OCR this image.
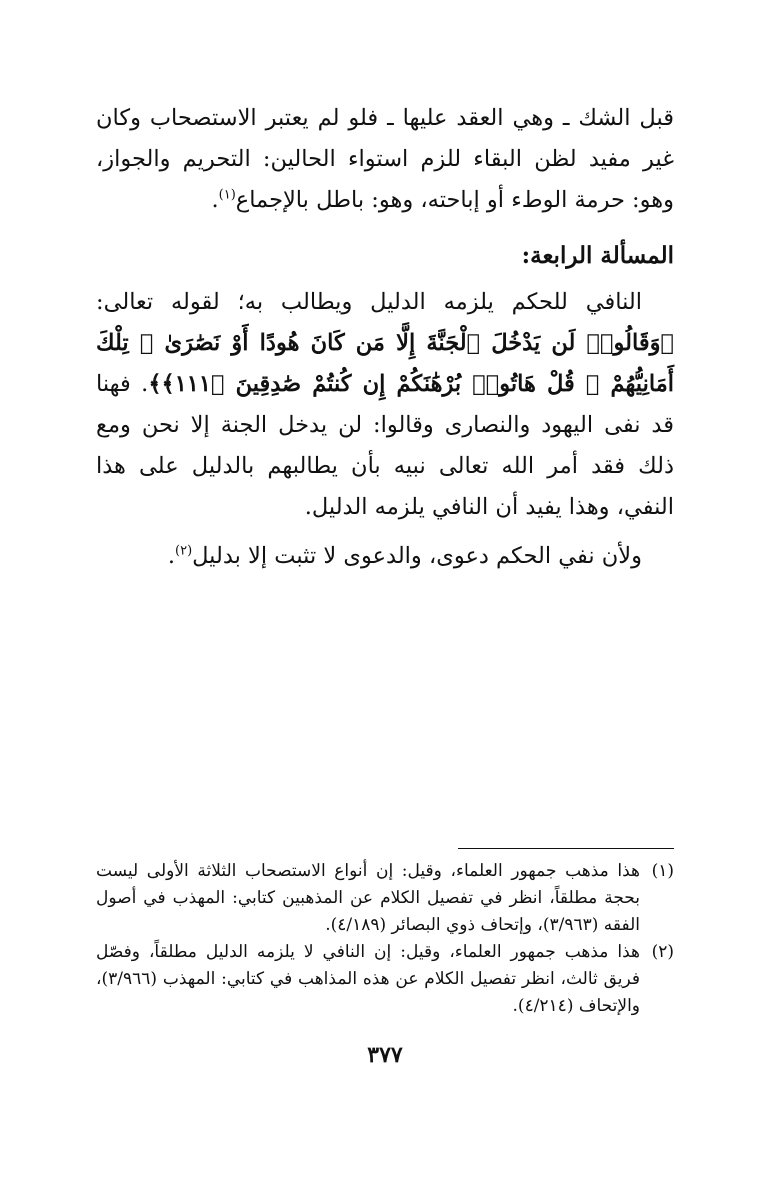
قبل الشك ـ وهي العقد عليها ـ فلو لم يعتبر الاستصحاب وكان غير مفيد لظن البقاء للزم استواء الحالين: التحريم والجواز، وهو: حرمة الوطء أو إباحته، وهو: باطل بالإجماع$^{(١)}$.

المسألة الرابعة:

النافي للحكم يلزمه الدليل ويطالب به؛ لقوله تعالى: ﴿وَقَالُوا۟ لَن يَدْخُلَ ٱلْجَنَّةَ إِلَّا مَن كَانَ هُودًا أَوْ نَصَٰرَىٰ ۗ تِلْكَ أَمَانِيُّهُمْ ۗ قُلْ هَاتُوا۟ بُرْهَٰنَكُمْ إِن كُنتُمْ صَٰدِقِينَ ﴿١١١﴾﴾. فهنا قد نفى اليهود والنصارى وقالوا: لن يدخل الجنة إلا نحن ومع ذلك فقد أمر الله تعالى نبيه بأن يطالبهم بالدليل على هذا النفي، وهذا يفيد أن النافي يلزمه الدليل.

ولأن نفي الحكم دعوى، والدعوى لا تثبت إلا بدليل$^{(٢)}$.

(١)
هذا مذهب جمهور العلماء، وقيل: إن أنواع الاستصحاب الثلاثة الأولى ليست بحجة مطلقاً، انظر في تفصيل الكلام عن المذهبين كتابي: المهذب في أصول الفقه (٣/٩٦٣)، وإتحاف ذوي البصائر (٤/١٨٩).
(٢)
هذا مذهب جمهور العلماء، وقيل: إن النافي لا يلزمه الدليل مطلقاً، وفصّل فريق ثالث، انظر تفصيل الكلام عن هذه المذاهب في كتابي: المهذب (٣/٩٦٦)، والإتحاف (٤/٢١٤).
٣٧٧
